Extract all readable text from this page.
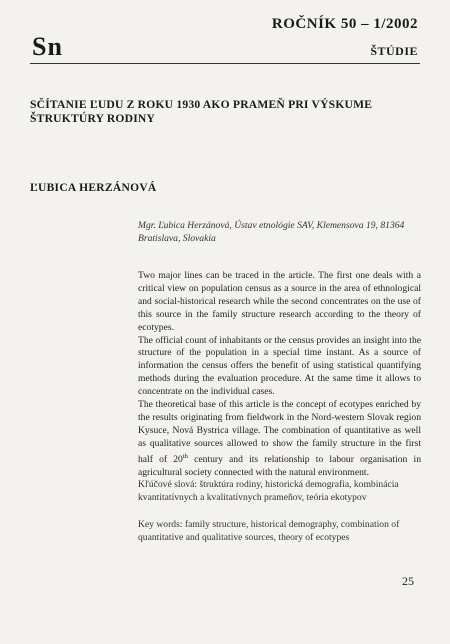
Sn
ROČNÍK 50 – 1/2002
ŠTÚDIE
SČÍTANIE ĽUDU Z ROKU 1930 AKO PRAMEŇ PRI VÝSKUME
ŠTRUKTÚRY RODINY
ĽUBICA HERZÁNOVÁ
Mgr. Ľubica Herzánová, Ústav etnológie SAV, Klemensova 19, 81364
Bratislava, Slovakia

Two major lines can be traced in the article. The first one deals with a critical view on population census as a source in the area of ethnological and social-historical research while the second concentrates on the use of this source in the family structure research according to the theory of ecotypes.

The official count of inhabitants or the census provides an insight into the structure of the population in a special time instant. As a source of information the census offers the benefit of using statistical quantifying methods during the evaluation procedure. At the same time it allows to concentrate on the individual cases.

The theoretical base of this article is the concept of ecotypes enriched by the results originating from fieldwork in the Nord-western Slovak region Kysuce, Nová Bystrica village. The combination of quantitative as well as qualitative sources allowed to show the family structure in the first half of 20th century and its relationship to labour organisation in agricultural society connected with the natural environment.

Kľúčové slová: štruktúra rodiny, historická demografia, kombinácia kvantitatívnych a kvalitatívnych prameňov, teória ekotypov
Key words: family structure, historical demography, combination of quantitative and qualitative sources, theory of ecotypes
25
